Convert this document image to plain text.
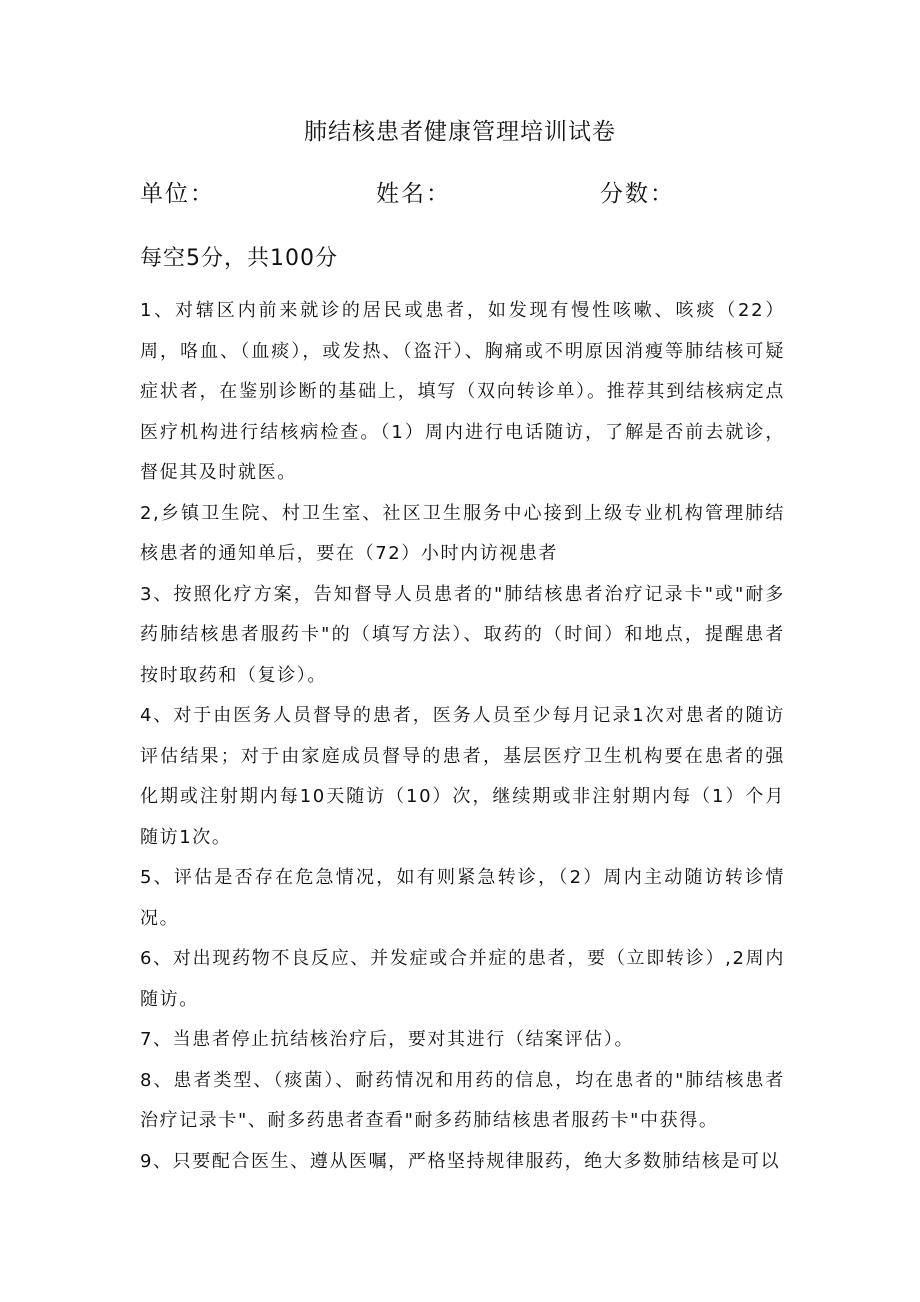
肺结核患者健康管理培训试卷
单位：	姓名：	分数：
每空5分，共100分
1、对辖区内前来就诊的居民或患者，如发现有慢性咳嗽、咳痰（22）周，咯血、（血痰），或发热、（盗汗）、胸痛或不明原因消瘦等肺结核可疑症状者，在鉴别诊断的基础上，填写（双向转诊单）。推荐其到结核病定点医疗机构进行结核病检查。（1）周内进行电话随访，了解是否前去就诊，督促其及时就医。
2,乡镇卫生院、村卫生室、社区卫生服务中心接到上级专业机构管理肺结核患者的通知单后，要在（72）小时内访视患者
3、按照化疗方案，告知督导人员患者的"肺结核患者治疗记录卡"或"耐多药肺结核患者服药卡"的（填写方法）、取药的（时间）和地点，提醒患者按时取药和（复诊）。
4、对于由医务人员督导的患者，医务人员至少每月记录1次对患者的随访评估结果；对于由家庭成员督导的患者，基层医疗卫生机构要在患者的强化期或注射期内每10天随访（10）次，继续期或非注射期内每（1）个月随访1次。
5、评估是否存在危急情况，如有则紧急转诊，（2）周内主动随访转诊情况。
6、对出现药物不良反应、并发症或合并症的患者，要（立即转诊）,2周内随访。
7、当患者停止抗结核治疗后，要对其进行（结案评估）。
8、患者类型、（痰菌）、耐药情况和用药的信息，均在患者的"肺结核患者治疗记录卡"、耐多药患者查看"耐多药肺结核患者服药卡"中获得。
9、只要配合医生、遵从医嘱，严格坚持规律服药，绝大多数肺结核是可以
